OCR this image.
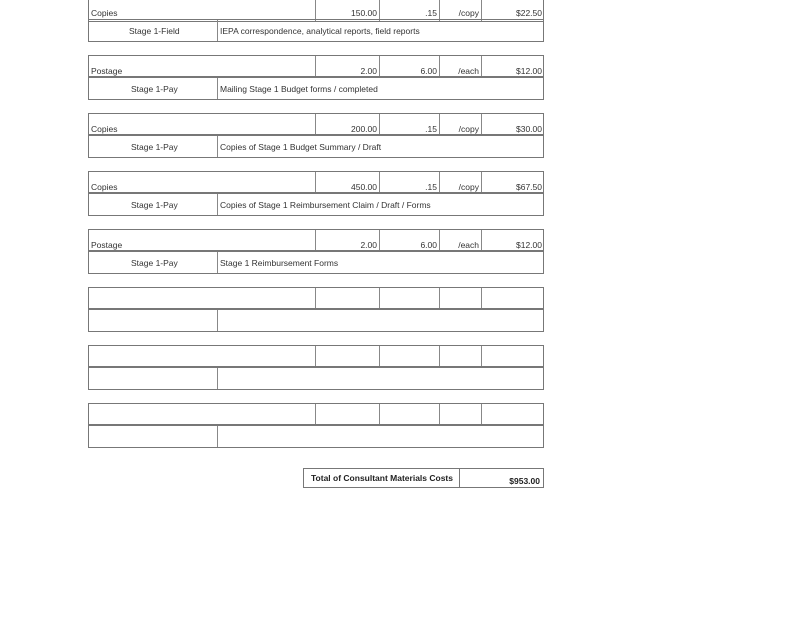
Copies	150.00	.15	/copy	$22.50
Stage 1-Field	IEPA correspondence, analytical reports, field reports
Postage	2.00	6.00	/each	$12.00
Stage 1-Pay	Mailing Stage 1 Budget forms / completed
Copies	200.00	.15	/copy	$30.00
Stage 1-Pay	Copies of Stage 1 Budget Summary / Draft
Copies	450.00	.15	/copy	$67.50
Stage 1-Pay	Copies of Stage 1 Reimbursement Claim / Draft / Forms
Postage	2.00	6.00	/each	$12.00
Stage 1-Pay	Stage 1 Reimbursement Forms
Total of Consultant Materials Costs	$953.00
